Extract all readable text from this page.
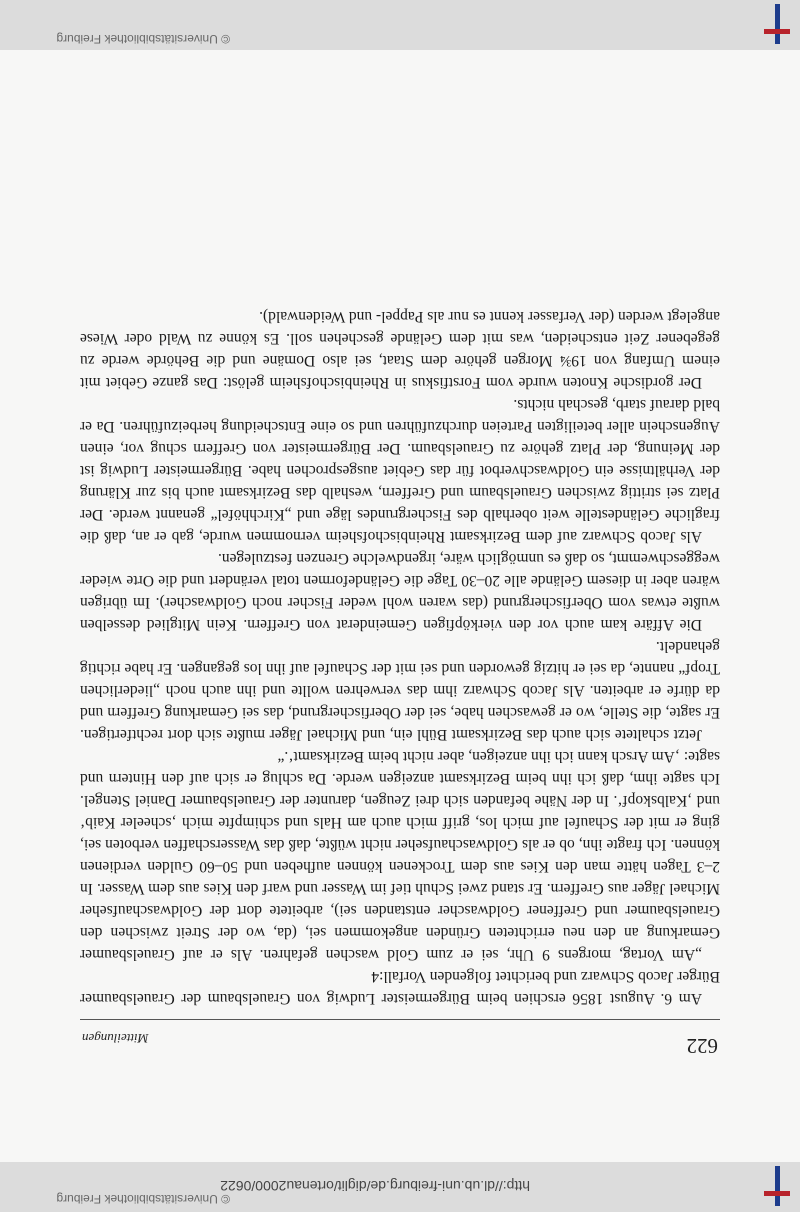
http://dl.ub.uni-freiburg.de/diglit/ortenau2000/0622
© Universitätsbibliothek Freiburg
622
Mitteilungen

Am 6. August 1856 erschien beim Bürgermeister Ludwig von Grauelsbaum der Grauelsbaumer Bürger Jacob Schwarz und berichtet folgenden Vorfall:4

„Am Vortag, morgens 9 Uhr, sei er zum Gold waschen gefahren. Als er auf Grauelsbaumer Gemarkung an den neu errichteten Gründen angekommen sei, (da, wo der Streit zwischen den Grauelsbaumer und Greffener Goldwascher entstanden sei), arbeitete dort der Goldwaschaufseher Michael Jäger aus Greffern. Er stand zwei Schuh tief im Wasser und warf den Kies aus dem Wasser. In 2–3 Tagen hätte man den Kies aus dem Trockenen können aufheben und 50–60 Gulden verdienen können. Ich fragte ihn, ob er als Goldwaschaufseher nicht wüßte, daß das Wasserschaffen verboten sei, ging er mit der Schaufel auf mich los, griff mich auch am Hals und schimpfte mich ‚scheeler Kaib‘ und ‚Kalbskopf‘. In der Nähe befanden sich drei Zeugen, darunter der Grauelsbaumer Daniel Stengel. Ich sagte ihm, daß ich ihn beim Bezirksamt anzeigen werde. Da schlug er sich auf den Hintern und sagte: ‚Am Arsch kann ich ihn anzeigen, aber nicht beim Bezirksamt‘.“

Jetzt schaltete sich auch das Bezirksamt Bühl ein, und Michael Jäger mußte sich dort rechtfertigen. Er sagte, die Stelle, wo er gewaschen habe, sei der Oberfischergrund, das sei Gemarkung Greffern und da dürfe er arbeiten. Als Jacob Schwarz ihm das verwehren wollte und ihn auch noch „liederlichen Tropf“ nannte, da sei er hitzig geworden und sei mit der Schaufel auf ihn los gegangen. Er habe richtig gehandelt.

Die Affäre kam auch vor den vierköpfigen Gemeinderat von Greffern. Kein Mitglied desselben wußte etwas vom Oberfischergrund (das waren wohl weder Fischer noch Goldwascher). Im übrigen wären aber in diesem Gelände alle 20–30 Tage die Geländeformen total verändert und die Orte wieder weggeschwemmt, so daß es unmöglich wäre, irgendwelche Grenzen festzulegen.

Als Jacob Schwarz auf dem Bezirksamt Rheinbischofsheim vernommen wurde, gab er an, daß die fragliche Geländestelle weit oberhalb des Fischergrundes läge und „Kirchhöfel“ genannt werde. Der Platz sei strittig zwischen Grauelsbaum und Greffern, weshalb das Bezirksamt auch bis zur Klärung der Verhältnisse ein Goldwaschverbot für das Gebiet ausgesprochen habe. Bürgermeister Ludwig ist der Meinung, der Platz gehöre zu Grauelsbaum. Der Bürgermeister von Greffern schug vor, einen Augenschein aller beteiligten Parteien durchzuführen und so eine Entscheidung herbeizuführen. Da er bald darauf starb, geschah nichts.

Der gordische Knoten wurde vom Forstfiskus in Rheinbischofsheim gelöst: Das ganze Gebiet mit einem Umfang von 19¾ Morgen gehöre dem Staat, sei also Domäne und die Behörde werde zu gegebener Zeit entscheiden, was mit dem Gelände geschehen soll. Es könne zu Wald oder Wiese angelegt werden (der Verfasser kennt es nur als Pappel- und Weidenwald).

© Universitätsbibliothek Freiburg
